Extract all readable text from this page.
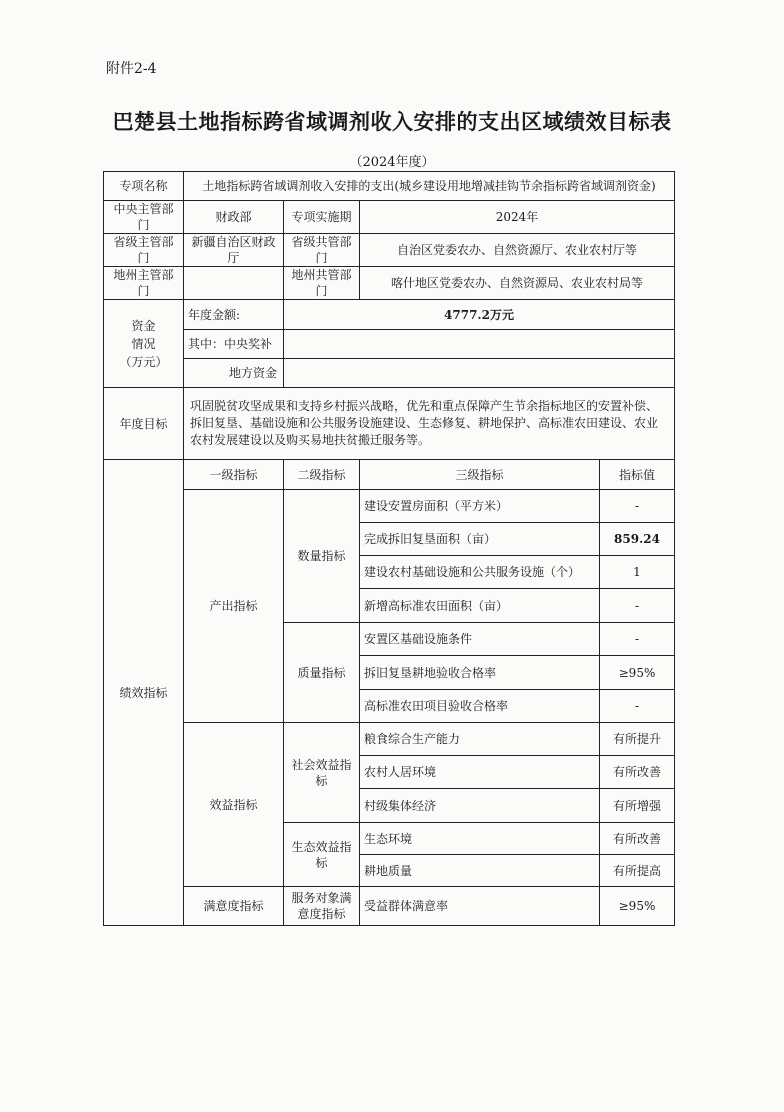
附件2-4
巴楚县土地指标跨省域调剂收入安排的支出区域绩效目标表
（2024年度）
专项名称	土地指标跨省域调剂收入安排的支出(城乡建设用地增减挂钩节余指标跨省域调剂资金)			
中央主管部门	财政部	专项实施期	2024年	
省级主管部门	新疆自治区财政厅	省级共管部门	自治区党委农办、自然资源厅、农业农村厅等	
地州主管部门		地州共管部门	喀什地区党委农办、自然资源局、农业农村局等	
资金
情况
（万元）	年度金额:	4777.2万元		
	其中：中央奖补			
	地方资金			
年度目标	巩固脱贫攻坚成果和支持乡村振兴战略，优先和重点保障产生节余指标地区的安置补偿、拆旧复垦、基础设施和公共服务设施建设、生态修复、耕地保护、高标准农田建设、农业农村发展建设以及购买易地扶贫搬迁服务等。			
绩效指标	一级指标	二级指标	三级指标	指标值
	产出指标	数量指标	建设安置房面积（平方米）	-
			完成拆旧复垦面积（亩）	859.24
			建设农村基础设施和公共服务设施（个）	1
			新增高标准农田面积（亩）	-
		质量指标	安置区基础设施条件	-
			拆旧复垦耕地验收合格率	≥95%
			高标准农田项目验收合格率	-
	效益指标	社会效益指标	粮食综合生产能力	有所提升
			农村人居环境	有所改善
			村级集体经济	有所增强
		生态效益指标	生态环境	有所改善
			耕地质量	有所提高
	满意度指标	服务对象满意度指标	受益群体满意率	≥95%
